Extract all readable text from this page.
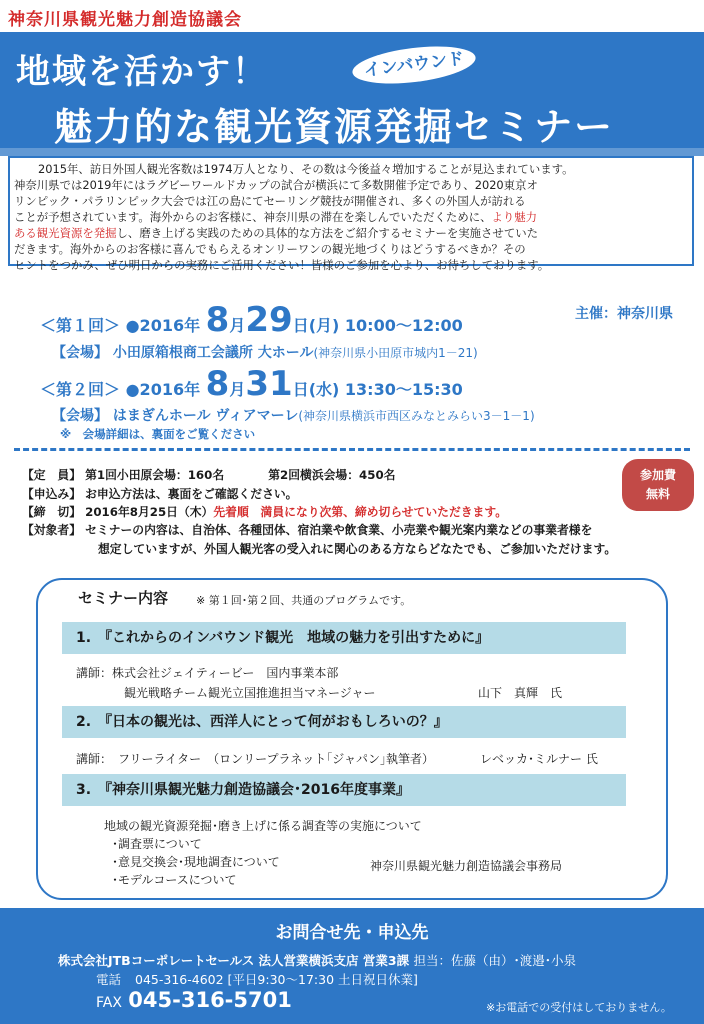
神奈川県観光魅力創造協議会
地域を活かす！	インバウンド
魅力的な観光資源発掘セミナー
2015年、訪日外国人観光客数は1974万人となり、その数は今後益々増加することが見込まれています。
神奈川県では2019年にはラグビーワールドカップの試合が横浜にて多数開催予定であり、2020東京オ
リンピック・パラリンピック大会では江の島にてセーリング競技が開催され、多くの外国人が訪れる
ことが予想されています。海外からのお客様に、神奈川県の滞在を楽しんでいただくために、より魅力
ある観光資源を発掘し、磨き上げる実践のための具体的な方法をご紹介するセミナーを実施させていた
だきます。海外からのお客様に喜んでもらえるオンリーワンの観光地づくりはどうするべきか？その
ヒントをつかみ、ぜひ明日からの実務にご活用ください！皆様のご参加を心より、お待ちしております。
主催：神奈川県
＜第１回＞ ●2016年 8月29日(月) 10:00～12:00
【会場】 小田原箱根商工会議所 大ホール(神奈川県小田原市城内1－21)
＜第２回＞ ●2016年 8月31日(水) 13:30～15:30
【会場】 はまぎんホール ヴィアマーレ(神奈川県横浜市西区みなとみらい3－1－1)
※　会場詳細は、裏面をご覧ください
【定　員】 第1回小田原会場：160名	第2回横浜会場：450名
【申込み】 お申込方法は、裏面をご確認ください。
【締　切】 2016年8月25日（木）先着順　満員になり次第、締め切らせていただきます。
【対象者】 セミナーの内容は、自治体、各種団体、宿泊業や飲食業、小売業や観光案内業などの事業者様を
想定していますが、外国人観光客の受入れに関心のある方ならどなたでも、ご参加いただけます。
参加費
無料
セミナー内容	※ 第１回･第２回、共通のプログラムです。
1.　『これからのインバウンド観光　地域の魅力を引出すために』
講師：株式会社ジェイティービー　国内事業本部
観光戦略チーム観光立国推進担当マネージャー	山下　真輝　氏
2.　『日本の観光は、西洋人にとって何がおもしろいの？』
講師：　フリーライター　（ロンリープラネット｢ジャパン｣執筆者）	レベッカ･ミルナー 氏
3.　『神奈川県観光魅力創造協議会･2016年度事業』
地域の観光資源発掘･磨き上げに係る調査等の実施について
･調査票について
･意見交換会･現地調査について
･モデルコースについて
神奈川県観光魅力創造協議会事務局
お問合せ先・申込先
株式会社JTBコーポレートセールス 法人営業横浜支店 営業3課 担当：佐藤（由）･渡邉･小泉
電話 045-316-4602 [平日9:30～17:30 土日祝日休業]
FAX 045-316-5701	※お電話での受付はしておりません。
